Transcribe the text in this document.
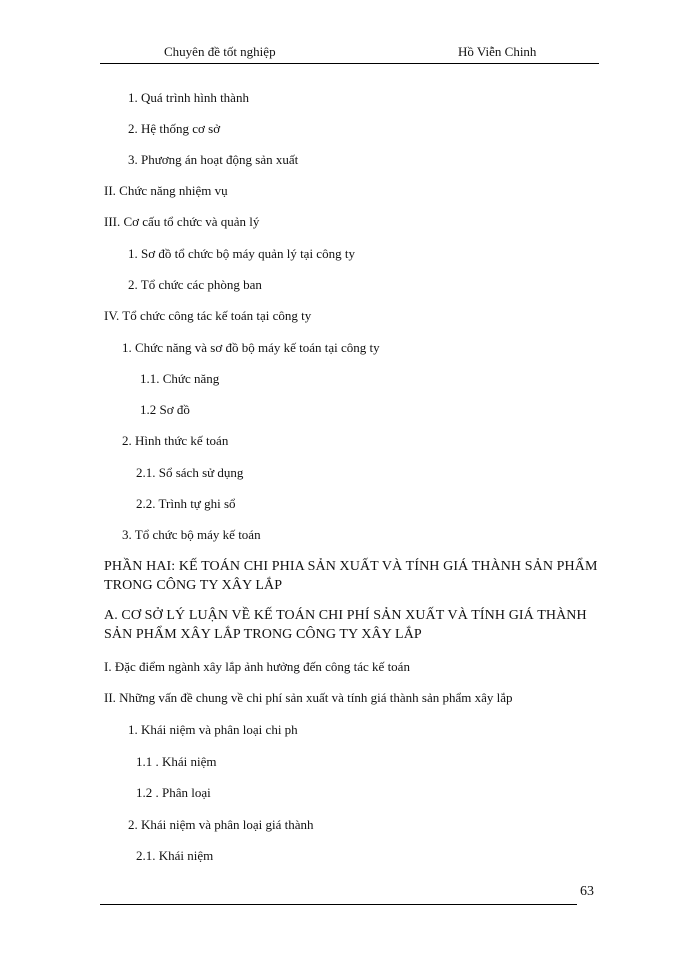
Chuyên đề tốt nghiệp	Hồ Viễn Chinh
1. Quá trình hình thành
2. Hệ thống cơ sở
3. Phương án hoạt động sản xuất
II. Chức năng nhiệm vụ
III. Cơ cấu tổ chức và quản lý
1. Sơ đồ tổ chức bộ máy quản lý tại công ty
2. Tổ chức các phòng ban
IV. Tổ chức công tác kế toán tại công ty
1. Chức năng và sơ đồ bộ máy kế toán tại công ty
1.1. Chức năng
1.2 Sơ đồ
2. Hình thức kế toán
2.1. Sổ sách sử dụng
2.2. Trình tự ghi sổ
3. Tổ chức bộ máy kế toán
PHẦN HAI: KẾ TOÁN CHI PHIA SẢN XUẤT VÀ TÍNH GIÁ THÀNH SẢN PHẨM
TRONG CÔNG TY XÂY LẮP
A. CƠ SỞ LÝ LUẬN VỀ KẾ TOÁN CHI PHÍ SẢN XUẤT VÀ TÍNH GIÁ THÀNH
SẢN PHẨM XÂY LẮP TRONG CÔNG TY XÂY LẮP
I. Đặc điểm ngành xây lắp ảnh hưởng đến công tác kế toán
II. Những vấn đề chung về chi phí sản xuất và tính giá thành sản phẩm xây lắp
1. Khái niệm và phân loại chi ph
1.1 . Khái niệm
1.2 . Phân loại
2. Khái niệm và phân loại giá thành
2.1. Khái niệm
63
